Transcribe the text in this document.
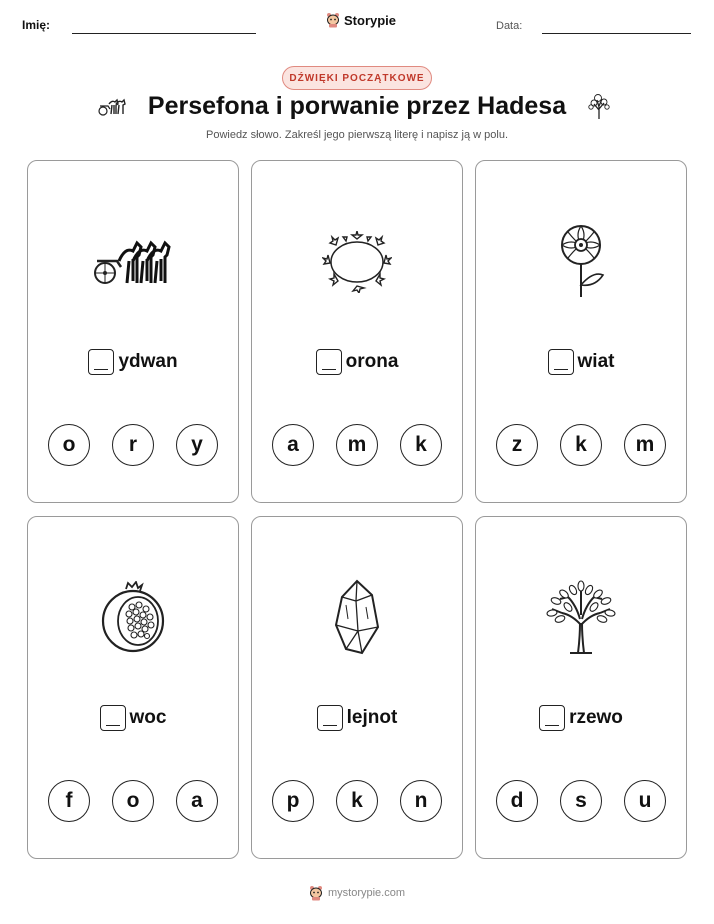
Imię:	Storypie	Data:
DŹWIĘKI POCZĄTKOWE
Persefona i porwanie przez Hadesa
Powiedz słowo. Zakreśl jego pierwszą literę i napisz ją w polu.
ydwan
o	r	y
orona
a	m	k
wiat
z	k	m
woc
f	o	a
lejnot
p	k	n
rzewo
d	s	u
mystorypie.com
